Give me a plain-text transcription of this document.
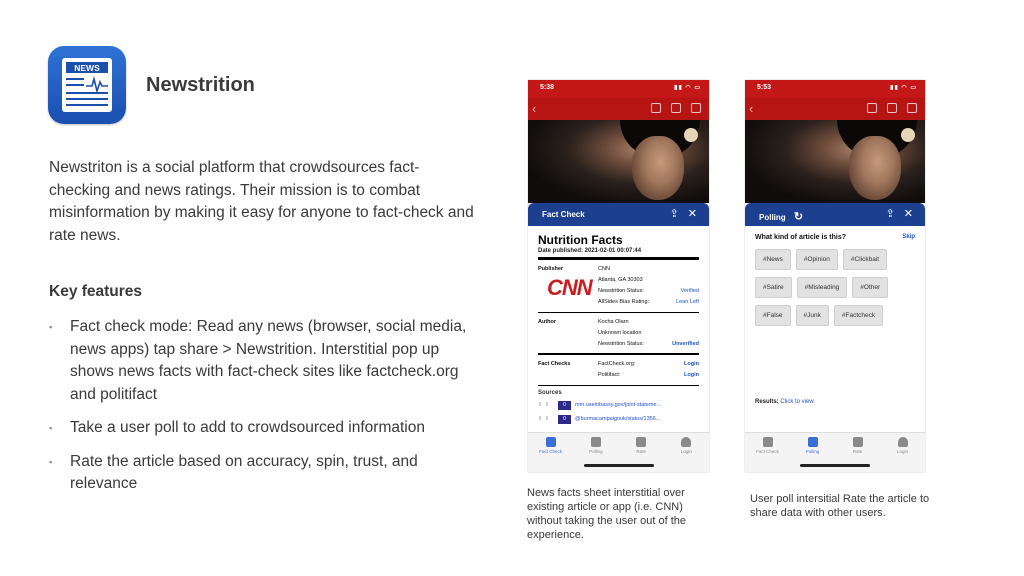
NEWS
Newstrition

Newstriton is a social platform that crowdsources fact-checking and news ratings. Their mission is to combat misinformation by making it easy for anyone to fact-check and rate news.

Key features
▪ Fact check mode: Read any news (browser, social media, news apps) tap share > Newstrition. Interstitial pop up shows news facts with fact-check sites like factcheck.org and politifact
▪ Take a user poll to add to crowdsourced information
▪ Rate the article based on accuracy, spin, trust, and relevance
5:38	▮▮ ◠ ▭
‹
Fact Check	⇪ ✕
Nutrition Facts
Date published: 2021-02-01 00:07:44
Publisher	CNN
Atlanta, GA 30303
Newstrition Status:	Verified
AllSides Bias Rating:	Lean Left
CNN
Author	Kocha Olarn
Unknown location
Newstrition Status:	Unverified
Fact Checks	FactCheck.org:	Login
Politifact:	Login
Sources
⇧⇩	0	mm.usembassy.gov/joint-stateme...
⇧⇩	0	@burmacampaignuk/status/1356...
Fact Check	Polling	Rate	Login
5:53	▮▮ ◠ ▭
‹
Polling ↻	⇪ ✕
What kind of article is this?	Skip
#News	#Opinion	#Clickbait
#Satire	#Misleading	#Other
#False	#Junk	#Factcheck
Results: Click to view
Fact Check	Polling	Rate	Login
News facts sheet interstitial over existing article or app (i.e. CNN) without taking the user out of the experience.
User poll intersitial Rate the article to share data with other users.
